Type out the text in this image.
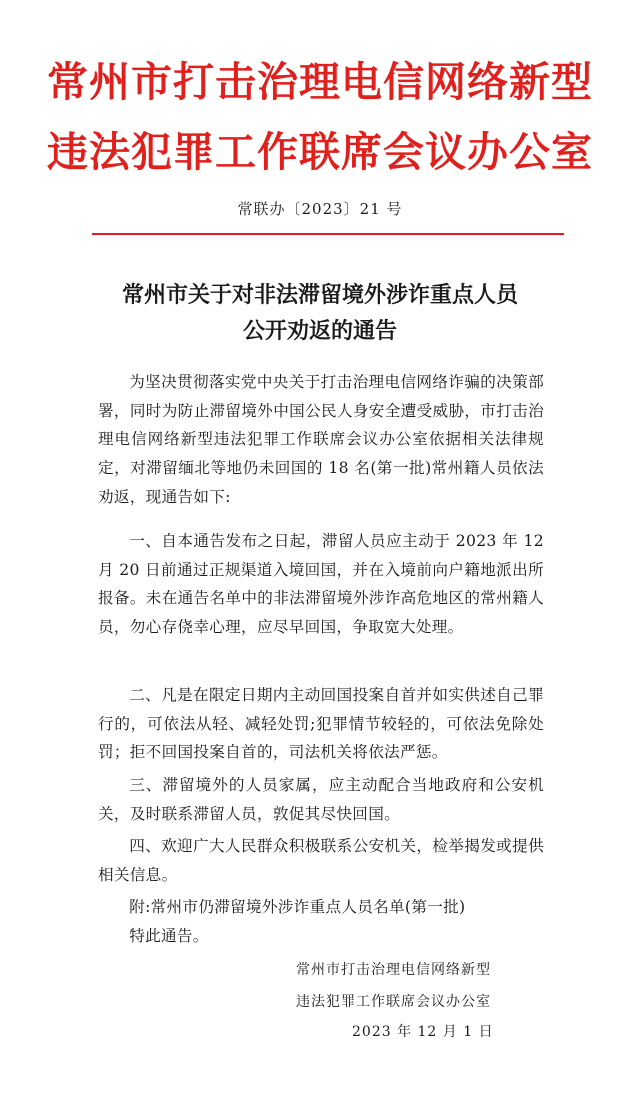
常州市打击治理电信网络新型
违法犯罪工作联席会议办公室
常联办〔2023〕21 号
常州市关于对非法滞留境外涉诈重点人员
公开劝返的通告

为坚决贯彻落实党中央关于打击治理电信网络诈骗的决策部署，同时为防止滞留境外中国公民人身安全遭受威胁，市打击治理电信网络新型违法犯罪工作联席会议办公室依据相关法律规定，对滞留缅北等地仍未回国的 18 名(第一批)常州籍人员依法劝返，现通告如下:

一、自本通告发布之日起，滞留人员应主动于 2023 年 12 月 20 日前通过正规渠道入境回国，并在入境前向户籍地派出所报备。未在通告名单中的非法滞留境外涉诈高危地区的常州籍人员，勿心存侥幸心理，应尽早回国，争取宽大处理。

二、凡是在限定日期内主动回国投案自首并如实供述自己罪行的，可依法从轻、减轻处罚;犯罪情节较轻的，可依法免除处罚；拒不回国投案自首的，司法机关将依法严惩。

三、滞留境外的人员家属，应主动配合当地政府和公安机关，及时联系滞留人员，敦促其尽快回国。

四、欢迎广大人民群众积极联系公安机关，检举揭发或提供相关信息。

附:常州市仍滞留境外涉诈重点人员名单(第一批)

特此通告。

常州市打击治理电信网络新型
违法犯罪工作联席会议办公室
2023 年 12 月 1 日
